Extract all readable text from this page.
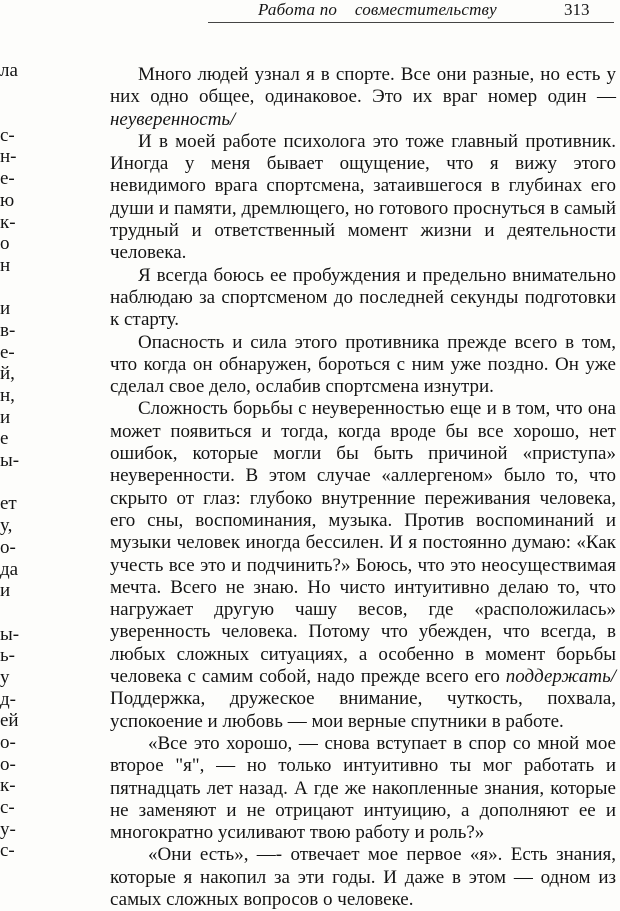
Работа по    совместительству	313
ла
с-
н-
е-
ю
к-
о
н
и
в-
е-
й,
н,
и
е
ы-
ет
у,
о-
да
и
ы-
ь-
у
д-
ей
о-
о-
к-
с-
у-
с-

Много людей узнал я в спорте. Все они разные, но есть у них одно общее, одинаковое. Это их враг номер один — неуверенность/

И в моей работе психолога это тоже главный противник. Иногда у меня бывает ощущение, что я вижу этого невидимого врага спортсмена, затаившегося в глубинах его души и памяти, дремлющего, но готового проснуться в самый трудный и ответственный момент жизни и деятельности человека.

Я всегда боюсь ее пробуждения и предельно внимательно наблюдаю за спортсменом до последней секунды подготовки к старту.

Опасность и сила этого противника прежде всего в том, что когда он обнаружен, бороться с ним уже поздно. Он уже сделал свое дело, ослабив спортсмена изнутри.

Сложность борьбы с неуверенностью еще и в том, что она может появиться и тогда, когда вроде бы все хорошо, нет ошибок, которые могли бы быть причиной «приступа» неуверенности. В этом случае «аллергеном» было то, что скрыто от глаз: глубоко внутренние переживания человека, его сны, воспоминания, музыка. Против воспоминаний и музыки человек иногда бессилен. И я постоянно думаю: «Как учесть все это и подчинить?» Боюсь, что это неосуществимая мечта. Всего не знаю. Но чисто интуитивно делаю то, что нагружает другую чашу весов, где «расположилась» уверенность человека. Потому что убежден, что всегда, в любых сложных ситуациях, а особенно в момент борьбы человека с самим собой, надо прежде всего его поддержать/ Поддержка, дружеское внимание, чуткость, похвала, успокоение и любовь — мои верные спутники в работе.

«Все это хорошо, — снова вступает в спор со мной мое второе "я", — но только интуитивно ты мог работать и пятнадцать лет назад. А где же накопленные знания, которые не заменяют и не отрицают интуицию, а дополняют ее и многократно усиливают твою работу и роль?»

«Они есть», —- отвечает мое первое «я». Есть знания, которые я накопил за эти годы. И даже в этом — одном из самых сложных вопросов о человеке.
